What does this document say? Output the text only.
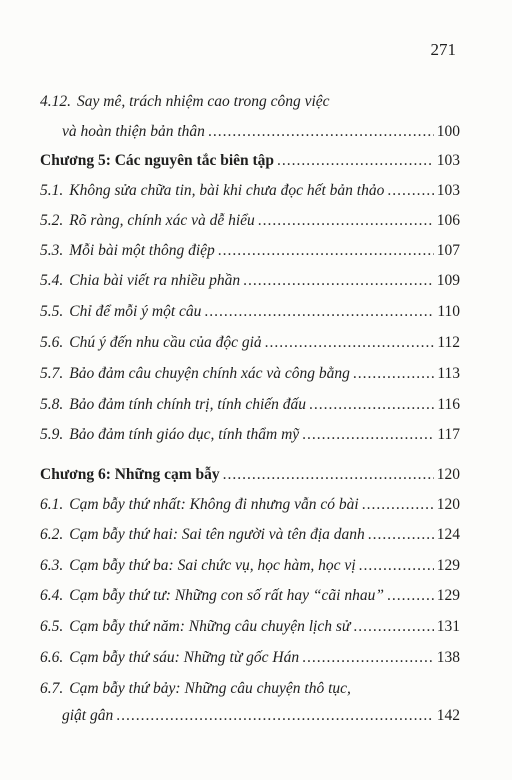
271
4.12. Say mê, trách nhiệm cao trong công việc
và hoàn thiện bản thân .....	100
Chương 5: Các nguyên tắc biên tập .....	103
5.1. Không sửa chữa tin, bài khi chưa đọc hết bản thảo .....	103
5.2. Rõ ràng, chính xác và dễ hiểu .....	106
5.3. Mỗi bài một thông điệp .....	107
5.4. Chia bài viết ra nhiều phần .....	109
5.5. Chỉ để mỗi ý một câu .....	110
5.6. Chú ý đến nhu cầu của độc giả .....	112
5.7. Bảo đảm câu chuyện chính xác và công bằng .....	113
5.8. Bảo đảm tính chính trị, tính chiến đấu .....	116
5.9. Bảo đảm tính giáo dục, tính thẩm mỹ .....	117
Chương 6: Những cạm bẫy .....	120
6.1. Cạm bẫy thứ nhất: Không đi nhưng vẫn có bài .....	120
6.2. Cạm bẫy thứ hai: Sai tên người và tên địa danh .....	124
6.3. Cạm bẫy thứ ba: Sai chức vụ, học hàm, học vị .....	129
6.4. Cạm bẫy thứ tư: Những con số rất hay “cãi nhau” .....	129
6.5. Cạm bẫy thứ năm: Những câu chuyện lịch sử .....	131
6.6. Cạm bẫy thứ sáu: Những từ gốc Hán .....	138
6.7. Cạm bẫy thứ bảy: Những câu chuyện thô tục,
giật gân .....	142
